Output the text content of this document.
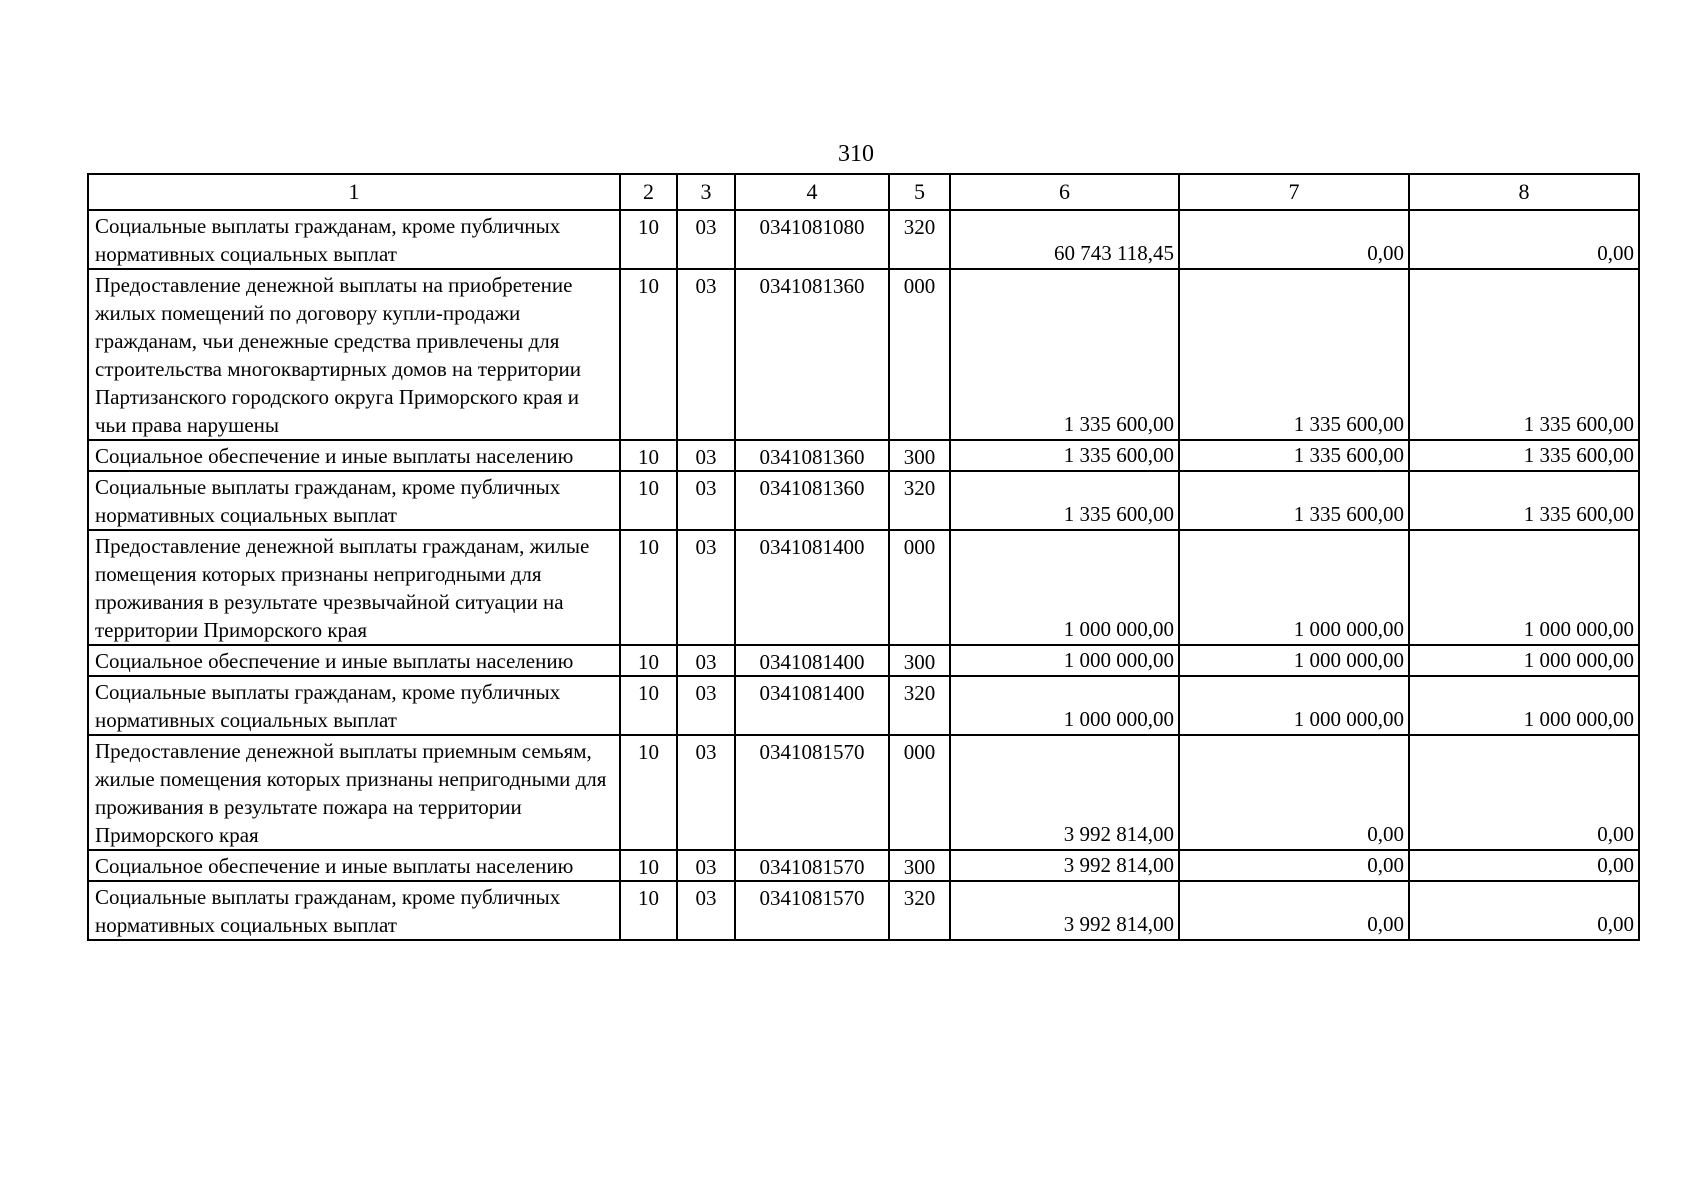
310
1	2	3	4	5	6	7	8
Социальные выплаты гражданам, кроме публичных нормативных социальных выплат	10	03	0341081080	320	60 743 118,45	0,00	0,00
Предоставление денежной выплаты на приобретение жилых помещений по договору купли-продажи гражданам, чьи денежные средства привлечены для строительства многоквартирных домов на территории Партизанского городского округа Приморского края и чьи права нарушены	10	03	0341081360	000	1 335 600,00	1 335 600,00	1 335 600,00
Социальное обеспечение и иные выплаты населению	10	03	0341081360	300	1 335 600,00	1 335 600,00	1 335 600,00
Социальные выплаты гражданам, кроме публичных нормативных социальных выплат	10	03	0341081360	320	1 335 600,00	1 335 600,00	1 335 600,00
Предоставление денежной выплаты гражданам, жилые помещения которых признаны непригодными для проживания в результате чрезвычайной ситуации на территории Приморского края	10	03	0341081400	000	1 000 000,00	1 000 000,00	1 000 000,00
Социальное обеспечение и иные выплаты населению	10	03	0341081400	300	1 000 000,00	1 000 000,00	1 000 000,00
Социальные выплаты гражданам, кроме публичных нормативных социальных выплат	10	03	0341081400	320	1 000 000,00	1 000 000,00	1 000 000,00
Предоставление денежной выплаты приемным семьям, жилые помещения которых признаны непригодными для проживания в результате пожара на территории Приморского края	10	03	0341081570	000	3 992 814,00	0,00	0,00
Социальное обеспечение и иные выплаты населению	10	03	0341081570	300	3 992 814,00	0,00	0,00
Социальные выплаты гражданам, кроме публичных нормативных социальных выплат	10	03	0341081570	320	3 992 814,00	0,00	0,00
